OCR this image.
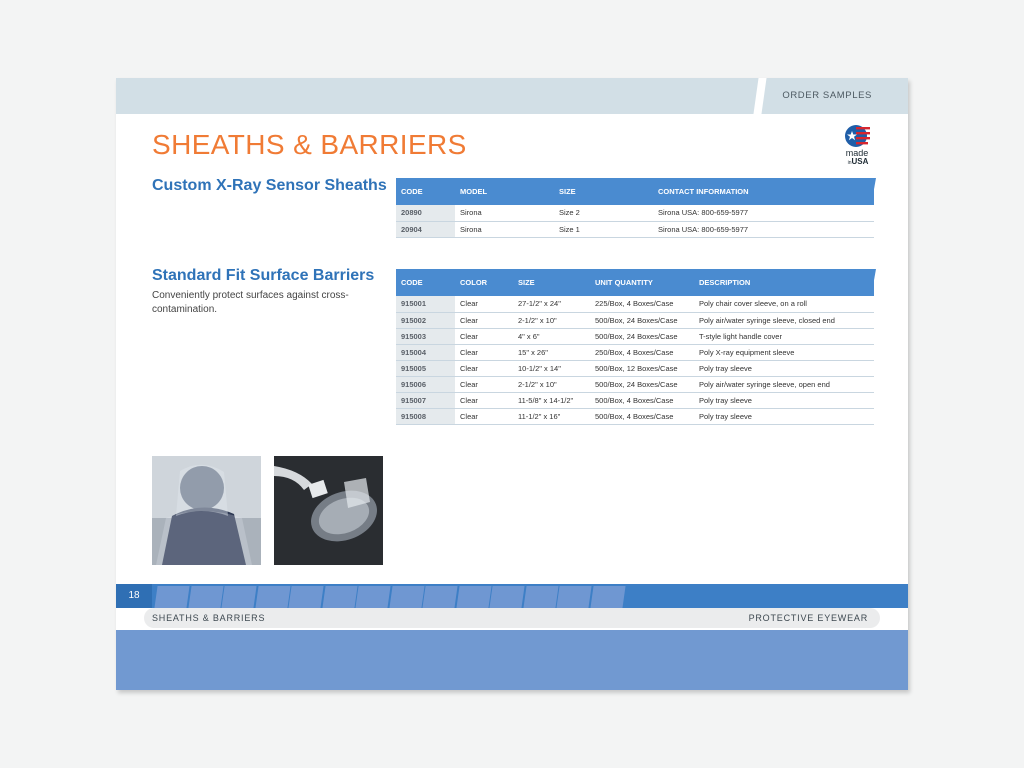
ORDER SAMPLES
SHEATHS & BARRIERS	made
inUSA
Custom X-Ray Sensor Sheaths CODE	MODEL	SIZE	CONTACT INFORMATION
20890	Sirona	Size 2	Sirona USA: 800-659-5977
20904	Sirona	Size 1	Sirona USA: 800-659-5977
Standard Fit Surface Barriers
Conveniently protect surfaces against cross-contamination.
CODE	COLOR	SIZE	UNIT QUANTITY	DESCRIPTION
915001	Clear	27-1/2" x 24"	225/Box, 4 Boxes/Case	Poly chair cover sleeve, on a roll
915002	Clear	2-1/2" x 10"	500/Box, 24 Boxes/Case	Poly air/water syringe sleeve, closed end
915003	Clear	4" x 6"	500/Box, 24 Boxes/Case	T-style light handle cover
915004	Clear	15" x 26"	250/Box, 4 Boxes/Case	Poly X-ray equipment sleeve
915005	Clear	10-1/2" x 14"	500/Box, 12 Boxes/Case	Poly tray sleeve
915006	Clear	2-1/2" x 10"	500/Box, 24 Boxes/Case	Poly air/water syringe sleeve, open end
915007	Clear	11-5/8" x 14-1/2"	500/Box, 4 Boxes/Case	Poly tray sleeve
915008	Clear	11-1/2" x 16"	500/Box, 4 Boxes/Case	Poly tray sleeve
18
SHEATHS & BARRIERS	PROTECTIVE EYEWEAR
